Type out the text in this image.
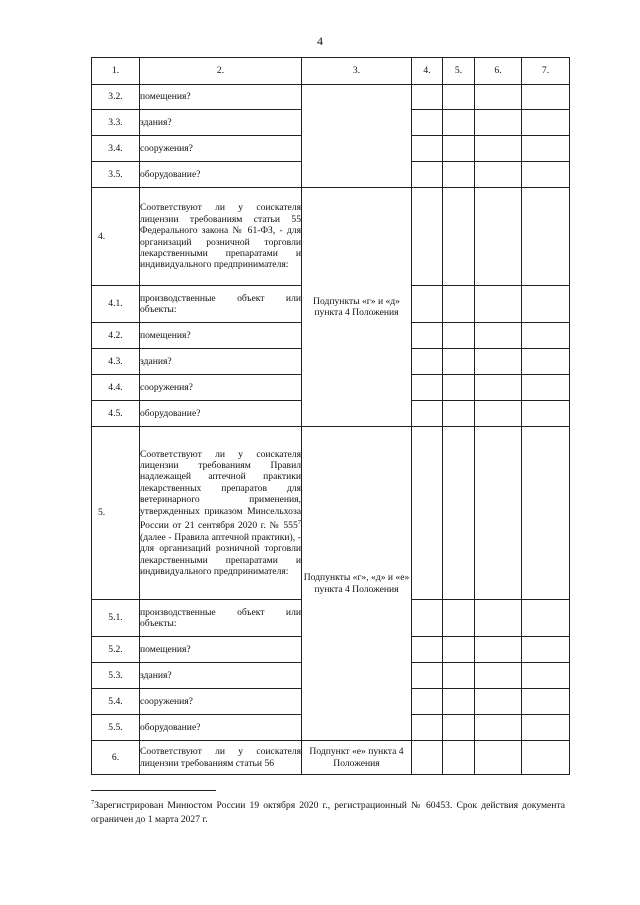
4
1.	2.	3.	4.	5.	6.	7.
3.2.	помещения?					
3.3.	здания?					
3.4.	сооружения?					
3.5.	оборудование?					
4.	Соответствуют ли у соискателя лицензии требованиям статьи 55 Федерального закона № 61-ФЗ, - для организаций розничной торговли лекарственными препаратами и индивидуального предпринимателя:	Подпункты «г» и «д» пункта 4 Положения				
4.1.	производственные объект или объекты:					
4.2.	помещения?					
4.3.	здания?					
4.4.	сооружения?					
4.5.	оборудование?					
5.	Соответствуют ли у соискателя лицензии требованиям Правил надлежащей аптечной практики лекарственных препаратов для ветеринарного применения, утвержденных приказом Минсельхоза России от 21 сентября 2020 г. № $555^7$ (далее - Правила аптечной практики), - для организаций розничной торговли лекарственными препаратами и индивидуального предпринимателя:	Подпункты «г», «д» и «е» пункта 4 Положения				
5.1.	производственные объект или объекты:					
5.2.	помещения?					
5.3.	здания?					
5.4.	сооружения?					
5.5.	оборудование?					
6.	Соответствуют ли у соискателя лицензии требованиям статьи 56	Подпункт «е» пункта 4 Положения				
$^7$Зарегистрирован Минюстом России 19 октября 2020 г., регистрационный № 60453. Срок действия документа ограничен до 1 марта 2027 г.
